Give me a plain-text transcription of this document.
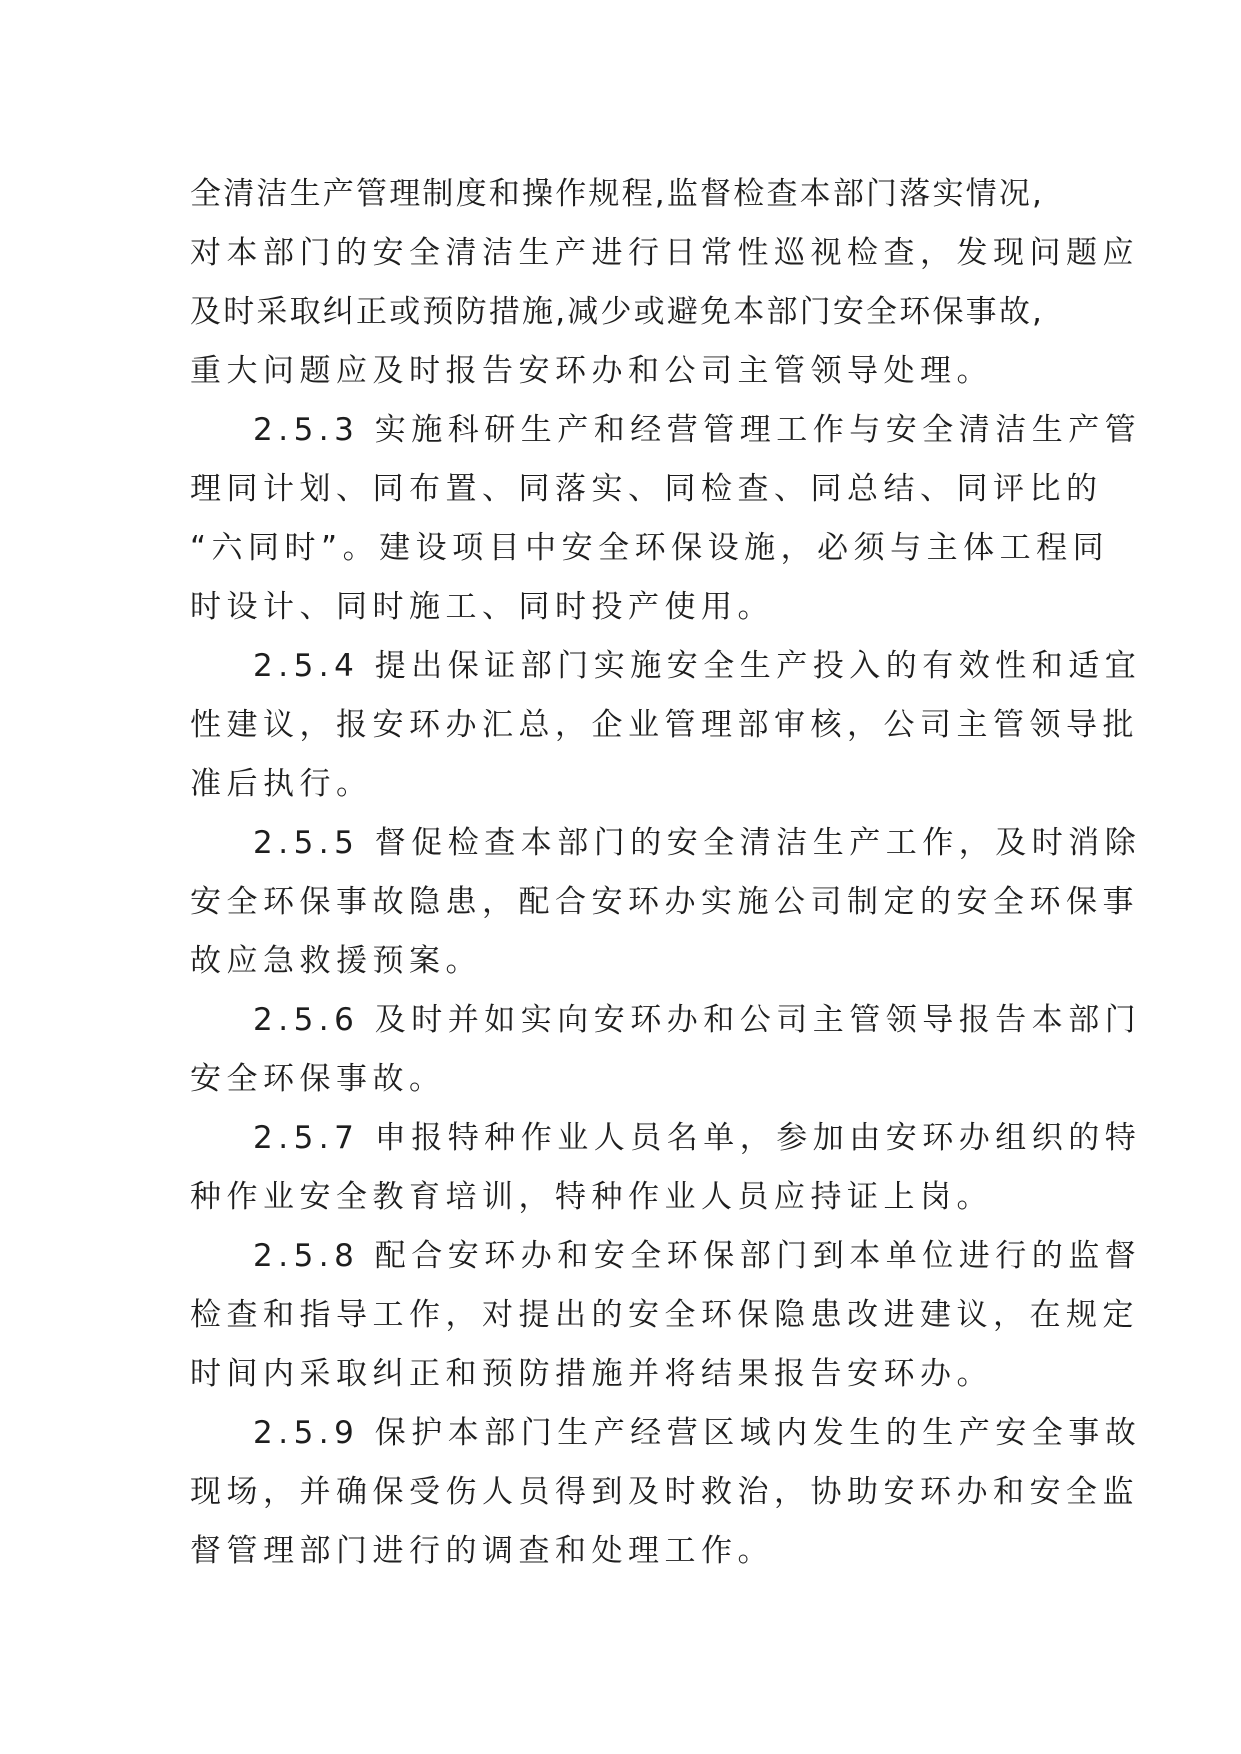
全清洁生产管理制度和操作规程,监督检查本部门落实情况,
对本部门的安全清洁生产进行日常性巡视检查，发现问题应
及时采取纠正或预防措施,减少或避免本部门安全环保事故,
重大问题应及时报告安环办和公司主管领导处理。
2.5.3 实施科研生产和经营管理工作与安全清洁生产管
理同计划、同布置、同落实、同检查、同总结、同评比的
“六同时”。建设项目中安全环保设施，必须与主体工程同
时设计、同时施工、同时投产使用。
2.5.4 提出保证部门实施安全生产投入的有效性和适宜
性建议，报安环办汇总，企业管理部审核，公司主管领导批
准后执行。
2.5.5 督促检查本部门的安全清洁生产工作，及时消除
安全环保事故隐患，配合安环办实施公司制定的安全环保事
故应急救援预案。
2.5.6 及时并如实向安环办和公司主管领导报告本部门
安全环保事故。
2.5.7 申报特种作业人员名单，参加由安环办组织的特
种作业安全教育培训，特种作业人员应持证上岗。
2.5.8 配合安环办和安全环保部门到本单位进行的监督
检查和指导工作，对提出的安全环保隐患改进建议，在规定
时间内采取纠正和预防措施并将结果报告安环办。
2.5.9 保护本部门生产经营区域内发生的生产安全事故
现场，并确保受伤人员得到及时救治，协助安环办和安全监
督管理部门进行的调查和处理工作。
